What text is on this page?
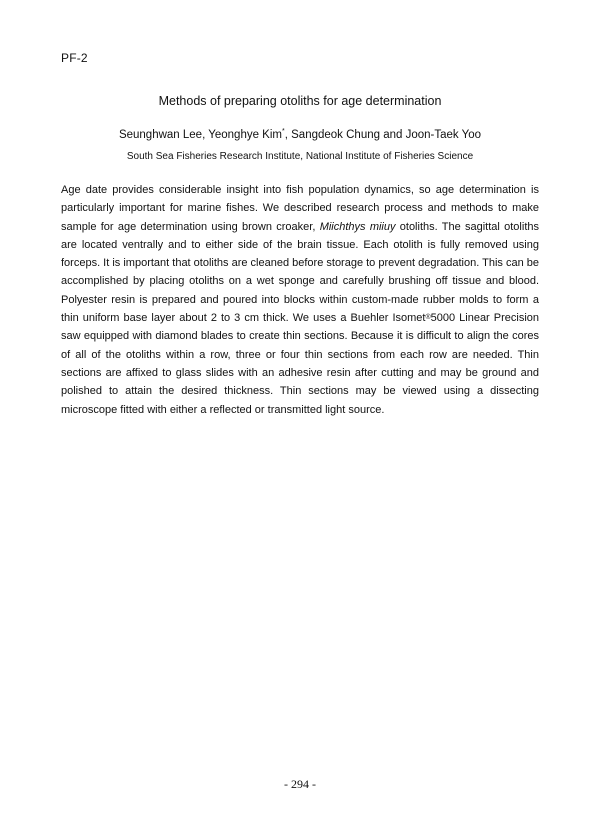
PF-2
Methods of preparing otoliths for age determination
Seunghwan Lee, Yeonghye Kim*, Sangdeok Chung and Joon-Taek Yoo
South Sea Fisheries Research Institute, National Institute of Fisheries Science
Age date provides considerable insight into fish population dynamics, so age determination is particularly important for marine fishes. We described research process and methods to make sample for age determination using brown croaker, Miichthys miiuy otoliths. The sagittal otoliths are located ventrally and to either side of the brain tissue. Each otolith is fully removed using forceps. It is important that otoliths are cleaned before storage to prevent degradation. This can be accomplished by placing otoliths on a wet sponge and carefully brushing off tissue and blood. Polyester resin is prepared and poured into blocks within custom-made rubber molds to form a thin uniform base layer about 2 to 3 cm thick. We uses a Buehler Isomet®5000 Linear Precision saw equipped with diamond blades to create thin sections. Because it is difficult to align the cores of all of the otoliths within a row, three or four thin sections from each row are needed. Thin sections are affixed to glass slides with an adhesive resin after cutting and may be ground and polished to attain the desired thickness. Thin sections may be viewed using a dissecting microscope fitted with either a reflected or transmitted light source.
- 294 -
